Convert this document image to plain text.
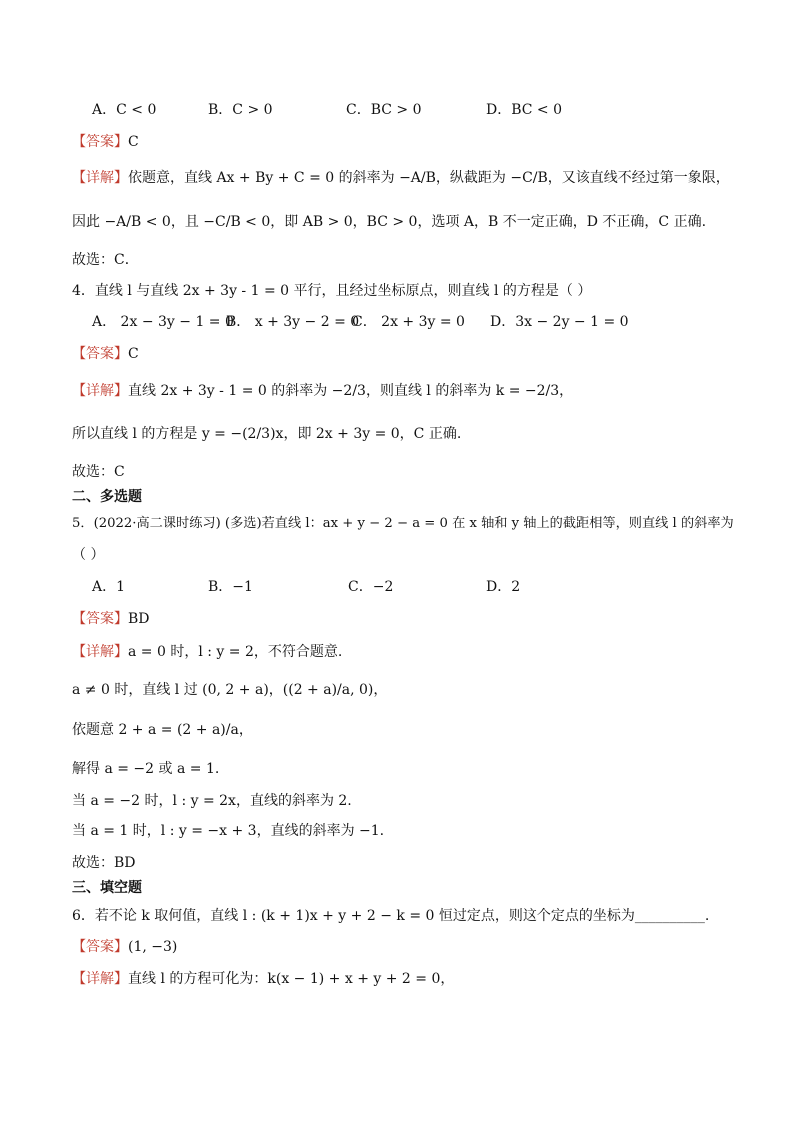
A．C < 0	B．C > 0	C．BC > 0	D．BC < 0
【答案】C
【详解】依题意，直线 Ax + By + C = 0 的斜率为 −A/B，纵截距为 −C/B，又该直线不经过第一象限，
因此 −A/B < 0，且 −C/B < 0，即 AB > 0，BC > 0，选项 A，B 不一定正确，D 不正确，C 正确.
故选：C．
4．直线 l 与直线 2x + 3y - 1 = 0 平行，且经过坐标原点，则直线 l 的方程是（ ）
A． 2x − 3y − 1 = 0B． x + 3y − 2 = 0C． 2x + 3y = 0 D．3x − 2y − 1 = 0
【答案】C
【详解】直线 2x + 3y - 1 = 0 的斜率为 −2/3，则直线 l 的斜率为 k = −2/3，
所以直线 l 的方程是 y = −(2/3)x，即 2x + 3y = 0，C 正确.
故选：C
二、多选题
5．(2022·高二课时练习) (多选)若直线 l：ax + y − 2 − a = 0 在 x 轴和 y 轴上的截距相等，则直线 l 的斜率为
（ ）
A．1	B．−1	C．−2	D．2
【答案】BD
【详解】a = 0 时，l : y = 2，不符合题意.
a ≠ 0 时，直线 l 过 (0, 2 + a)，((2 + a)/a, 0)，
依题意 2 + a = (2 + a)/a，
解得 a = −2 或 a = 1.
当 a = −2 时，l : y = 2x，直线的斜率为 2.
当 a = 1 时，l : y = −x + 3，直线的斜率为 −1.
故选：BD
三、填空题
6．若不论 k 取何值，直线 l : (k + 1)x + y + 2 − k = 0 恒过定点，则这个定点的坐标为__________.
【答案】(1, −3)
【详解】直线 l 的方程可化为：k(x − 1) + x + y + 2 = 0，
